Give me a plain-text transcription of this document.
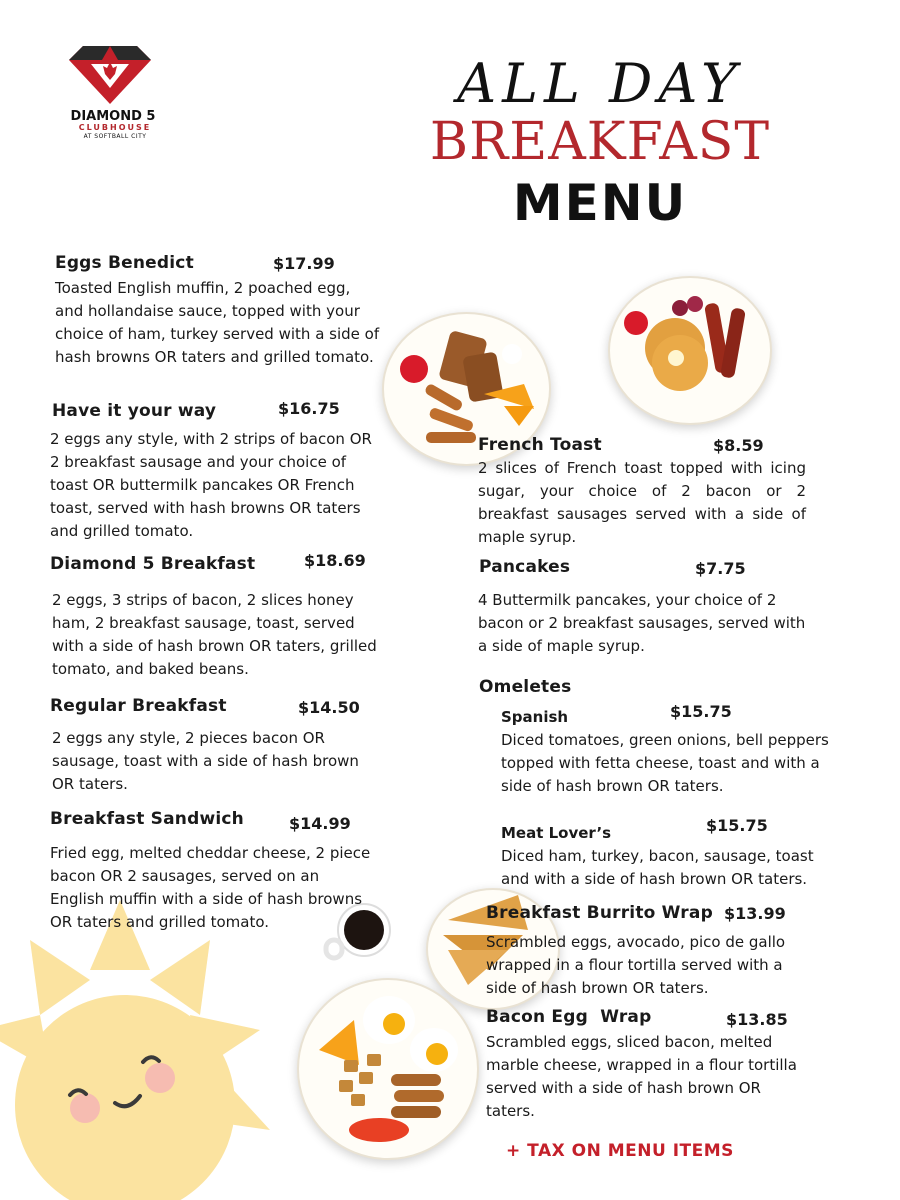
DIAMOND 5
CLUBHOUSE
AT SOFTBALL CITY
ALL DAY
BREAKFAST
MENU
Eggs Benedict	$17.99
Toasted English muffin, 2 poached egg, and hollandaise sauce, topped with your choice of ham, turkey served with a side of hash browns OR taters and grilled tomato.
Have it your way	$16.75
2 eggs any style, with 2 strips of bacon OR 2 breakfast sausage and your choice of toast OR buttermilk pancakes OR French toast, served with hash browns OR taters and grilled tomato.
Diamond 5 Breakfast	$18.69
2 eggs, 3 strips of bacon, 2 slices honey ham, 2 breakfast sausage, toast, served with a side of hash brown OR taters, grilled tomato, and baked beans.
Regular Breakfast	$14.50
2 eggs any style, 2 pieces bacon OR sausage, toast with a side of hash brown OR taters.
Breakfast Sandwich	$14.99
Fried egg, melted cheddar cheese, 2 piece bacon OR 2 sausages, served on an English muffin with a side of hash browns OR taters and grilled tomato.
French Toast	$8.59
2 slices of French toast topped with icing sugar, your choice of 2 bacon or 2 breakfast sausages served with a side of maple syrup.
Pancakes	$7.75
4 Buttermilk pancakes, your choice of 2 bacon or 2 breakfast sausages, served with a side of maple syrup.
Omeletes
Spanish	$15.75
Diced tomatoes, green onions, bell peppers topped with fetta cheese, toast and with a side of hash brown OR taters.
Meat Lover’s	$15.75
Diced ham, turkey, bacon, sausage, toast and with a side of hash brown OR taters.
Breakfast Burrito Wrap $13.99
Scrambled eggs, avocado, pico de gallo wrapped in a flour tortilla served with a side of hash brown OR taters.
Bacon Egg  Wrap	$13.85
Scrambled eggs, sliced bacon, melted marble cheese, wrapped in a flour tortilla served with a side of hash brown OR taters.
+ TAX ON MENU ITEMS
